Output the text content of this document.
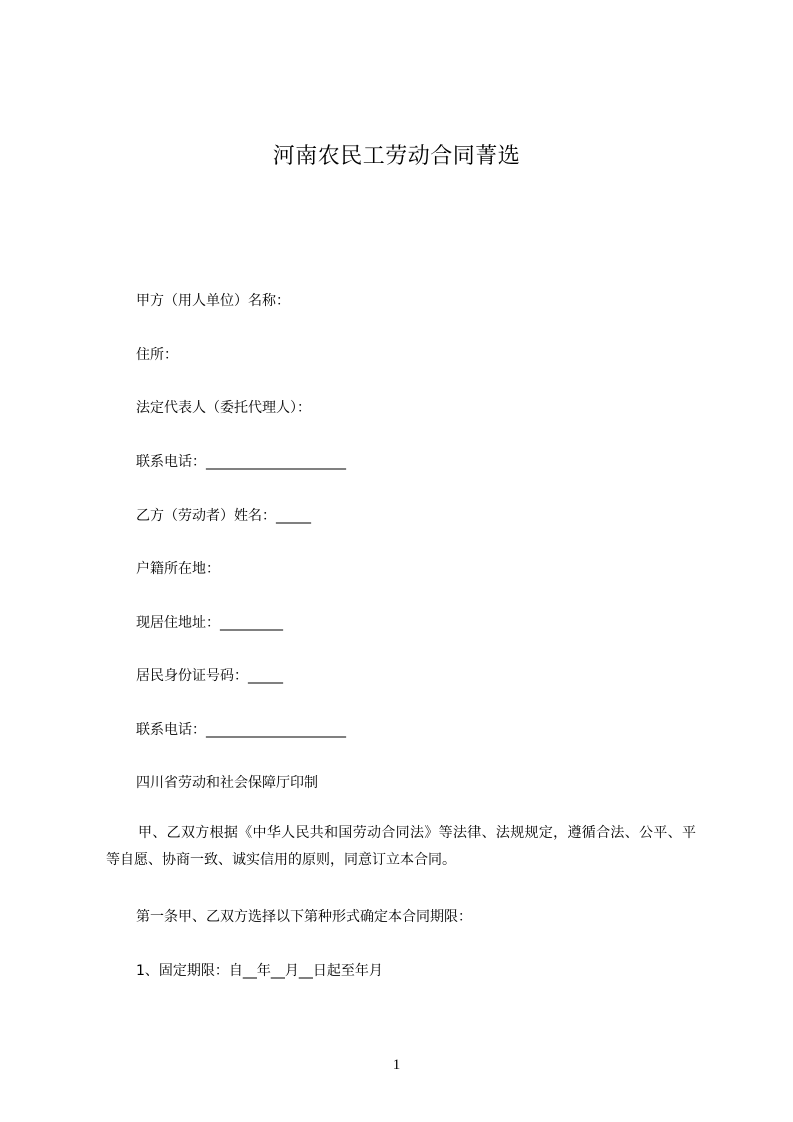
河南农民工劳动合同菁选
甲方（用人单位）名称：
住所：
法定代表人（委托代理人）：
联系电话：____________________
乙方（劳动者）姓名：_____
户籍所在地：
现居住地址：_________
居民身份证号码：_____
联系电话：____________________
四川省劳动和社会保障厅印制
甲、乙双方根据《中华人民共和国劳动合同法》等法律、法规规定，遵循合法、公平、平等自愿、协商一致、诚实信用的原则，同意订立本合同。
第一条甲、乙双方选择以下第种形式确定本合同期限：
1、固定期限：自__年__月__日起至年月
1
